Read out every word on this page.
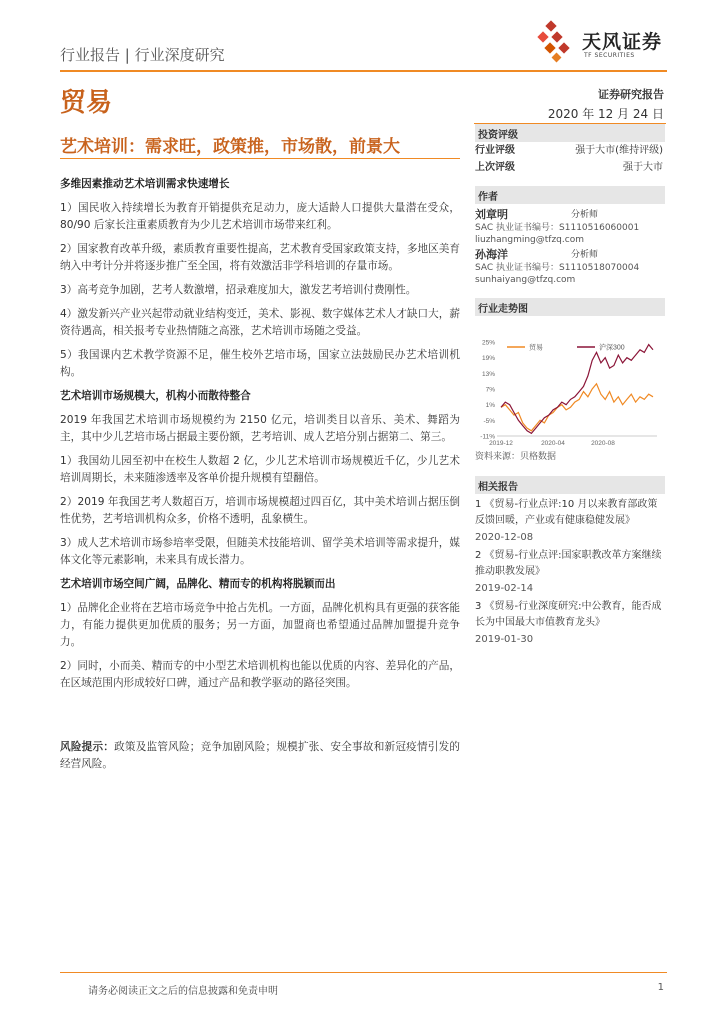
行业报告 | 行业深度研究
天风证券
TF SECURITIES
贸易	证券研究报告
2020 年 12 月 24 日
艺术培训：需求旺，政策推，市场散，前景大

多维因素推动艺术培训需求快速增长

1）国民收入持续增长为教育开销提供充足动力，庞大适龄人口提供大量潜在受众，80/90 后家长注重素质教育为少儿艺术培训市场带来红利。

2）国家教育改革升级，素质教育重要性提高，艺术教育受国家政策支持，多地区美育纳入中考计分并将逐步推广至全国，将有效激活非学科培训的存量市场。

3）高考竞争加剧，艺考人数激增，招录难度加大，激发艺考培训付费刚性。

4）激发新兴产业兴起带动就业结构变迁，美术、影视、数字媒体艺术人才缺口大，薪资待遇高，相关报考专业热情随之高涨，艺术培训市场随之受益。

5）我国课内艺术教学资源不足，催生校外艺培市场，国家立法鼓励民办艺术培训机构。

艺术培训市场规模大，机构小而散待整合

2019 年我国艺术培训市场规模约为 2150 亿元，培训类目以音乐、美术、舞蹈为主，其中少儿艺培市场占据最主要份额，艺考培训、成人艺培分别占据第二、第三。

1）我国幼儿园至初中在校生人数超 2 亿，少儿艺术培训市场规模近千亿，少儿艺术培训周期长，未来随渗透率及客单价提升规模有望翻倍。

2）2019 年我国艺考人数超百万，培训市场规模超过四百亿，其中美术培训占据压倒性优势，艺考培训机构众多，价格不透明，乱象横生。

3）成人艺术培训市场参培率受限，但随美术技能培训、留学美术培训等需求提升，媒体文化等元素影响，未来具有成长潜力。

艺术培训市场空间广阔，品牌化、精而专的机构将脱颖而出

1）品牌化企业将在艺培市场竞争中抢占先机。一方面，品牌化机构具有更强的获客能力，有能力提供更加优质的服务；另一方面，加盟商也希望通过品牌加盟提升竞争力。

2）同时，小而美、精而专的中小型艺术培训机构也能以优质的内容、差异化的产品，在区域范围内形成较好口碑，通过产品和教学驱动的路径突围。

风险提示：政策及监管风险；竞争加剧风险；规模扩张、安全事故和新冠疫情引发的经营风险。

投资评级
行业评级	强于大市(维持评级)
上次评级	强于大市
作者
刘章明	分析师
SAC 执业证书编号：S1110516060001
liuzhangming@tfzq.com
孙海洋	分析师
SAC 执业证书编号：S1110518070004
sunhaiyang@tfzq.com
行业走势图
25%
19%
13%
7%
1%
-5%
-11%
2019-12	2020-04	2020-08
贸易	沪深300
资料来源：贝格数据
相关报告
1 《贸易-行业点评:10 月以来教育部政策反馈回暖，产业或有健康稳健发展》
2020-12-08
2 《贸易-行业点评:国家职教改革方案继续推动职教发展》
2019-02-14
3 《贸易-行业深度研究:中公教育，能否成长为中国最大市值教育龙头》
2019-01-30
请务必阅读正文之后的信息披露和免责申明	1
